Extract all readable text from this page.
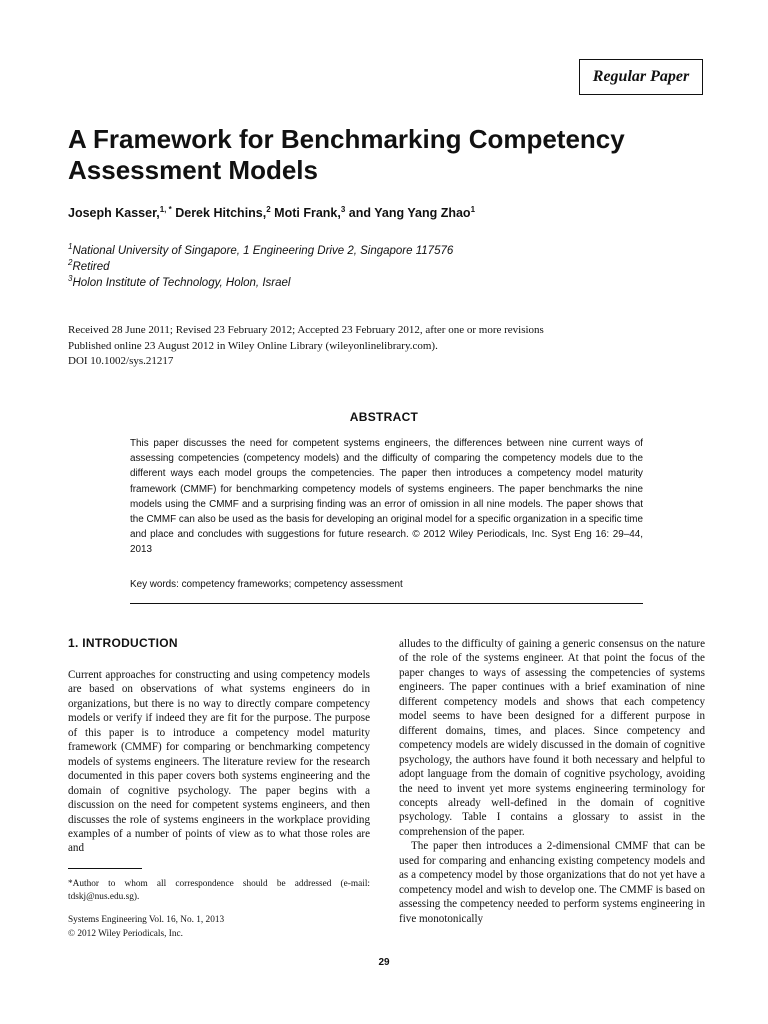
Regular Paper
A Framework for Benchmarking Competency Assessment Models
Joseph Kasser,$^{1, *}$ Derek Hitchins,$^2$ Moti Frank,$^3$ and Yang Yang Zhao$^1$
$^1$National University of Singapore, 1 Engineering Drive 2, Singapore 117576
$^2$Retired
$^3$Holon Institute of Technology, Holon, Israel
Received 28 June 2011; Revised 23 February 2012; Accepted 23 February 2012, after one or more revisions
Published online 23 August 2012 in Wiley Online Library (wileyonlinelibrary.com).
DOI 10.1002/sys.21217
ABSTRACT
This paper discusses the need for competent systems engineers, the differences between nine current ways of assessing competencies (competency models) and the difficulty of comparing the competency models due to the different ways each model groups the competencies. The paper then introduces a competency model maturity framework (CMMF) for benchmarking competency models of systems engineers. The paper benchmarks the nine models using the CMMF and a surprising finding was an error of omission in all nine models. The paper shows that the CMMF can also be used as the basis for developing an original model for a specific organization in a specific time and place and concludes with suggestions for future research. © 2012 Wiley Periodicals, Inc. Syst Eng 16: 29–44, 2013
Key words: competency frameworks; competency assessment
1. INTRODUCTION

Current approaches for constructing and using competency models are based on observations of what systems engineers do in organizations, but there is no way to directly compare competency models or verify if indeed they are fit for the purpose. The purpose of this paper is to introduce a competency model maturity framework (CMMF) for comparing or benchmarking competency models of systems engineers. The literature review for the research documented in this paper covers both systems engineering and the domain of cognitive psychology. The paper begins with a discussion on the need for competent systems engineers, and then discusses the role of systems engineers in the workplace providing examples of a number of points of view as to what those roles are and

alludes to the difficulty of gaining a generic consensus on the nature of the role of the systems engineer. At that point the focus of the paper changes to ways of assessing the competencies of systems engineers. The paper continues with a brief examination of nine different competency models and shows that each competency model seems to have been designed for a different purpose in different domains, times, and places. Since competency and competency models are widely discussed in the domain of cognitive psychology, the authors have found it both necessary and helpful to adopt language from the domain of cognitive psychology, avoiding the need to invent yet more systems engineering terminology for concepts already well-defined in the domain of cognitive psychology. Table I contains a glossary to assist in the comprehension of the paper.

The paper then introduces a 2-dimensional CMMF that can be used for comparing and enhancing existing competency models and as a competency model by those organizations that do not yet have a competency model and wish to develop one. The CMMF is based on assessing the competency needed to perform systems engineering in five monotonically

*Author to whom all correspondence should be addressed (e-mail: tdskj@nus.edu.sg).
Systems Engineering Vol. 16, No. 1, 2013
© 2012 Wiley Periodicals, Inc.
29
